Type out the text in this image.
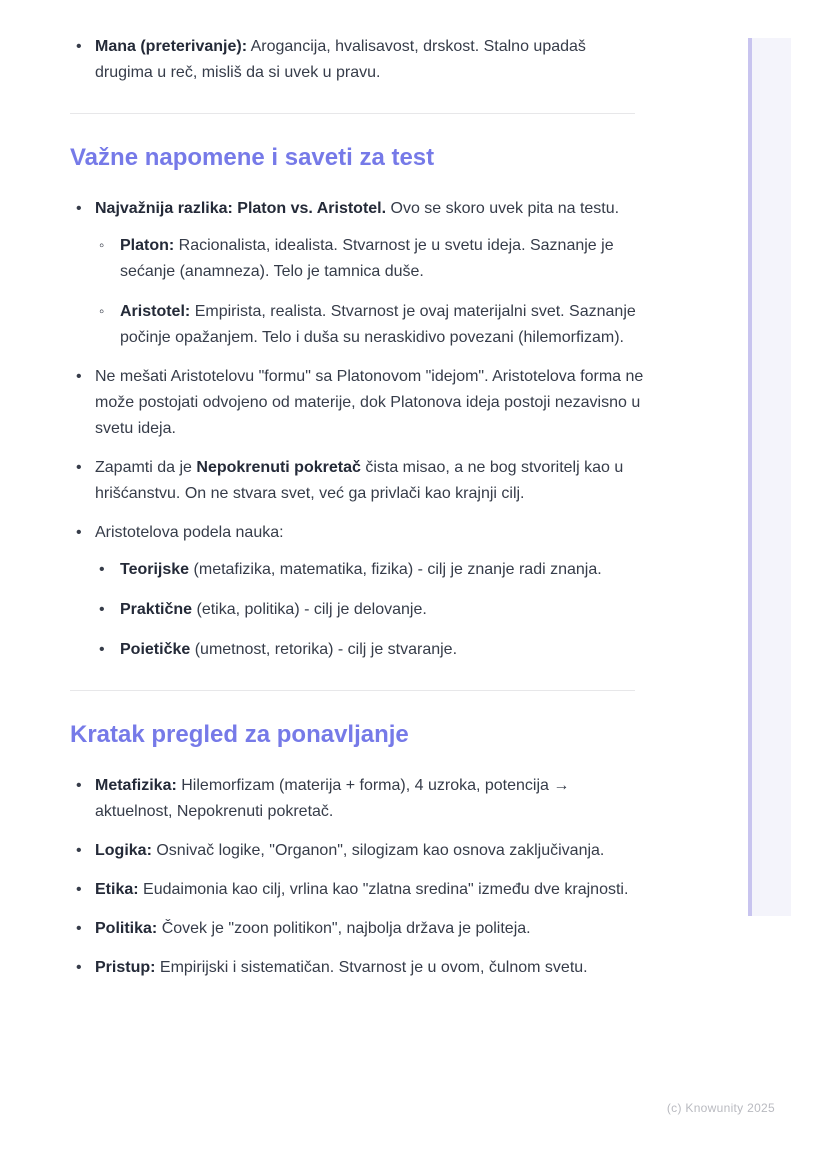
• Mana (preterivanje): Arogancija, hvalisavost, drskost. Stalno upadaš drugima u reč, misliš da si uvek u pravu.
Važne napomene i saveti za test
• Najvažnija razlika: Platon vs. Aristotel. Ovo se skoro uvek pita na testu.
◦ Platon: Racionalista, idealista. Stvarnost je u svetu ideja. Saznanje je sećanje (anamneza). Telo je tamnica duše.
◦ Aristotel: Empirista, realista. Stvarnost je ovaj materijalni svet. Saznanje počinje opažanjem. Telo i duša su neraskidivo povezani (hilemorfizam).
• Ne mešati Aristotelovu "formu" sa Platonovom "idejom". Aristotelova forma ne može postojati odvojeno od materije, dok Platonova ideja postoji nezavisno u svetu ideja.
• Zapamti da je Nepokrenuti pokretač čista misao, a ne bog stvoritelj kao u hrišćanstvu. On ne stvara svet, već ga privlači kao krajnji cilj.
• Aristotelova podela nauka:
• Teorijske (metafizika, matematika, fizika) - cilj je znanje radi znanja.
• Praktične (etika, politika) - cilj je delovanje.
• Poietičke (umetnost, retorika) - cilj je stvaranje.
Kratak pregled za ponavljanje
• Metafizika: Hilemorfizam (materija + forma), 4 uzroka, potencija → aktuelnost, Nepokrenuti pokretač.
• Logika: Osnivač logike, "Organon", silogizam kao osnova zaključivanja.
• Etika: Eudaimonia kao cilj, vrlina kao "zlatna sredina" između dve krajnosti.
• Politika: Čovek je "zoon politikon", najbolja država je politeja.
• Pristup: Empirijski i sistematičan. Stvarnost je u ovom, čulnom svetu.
(c) Knowunity 2025
